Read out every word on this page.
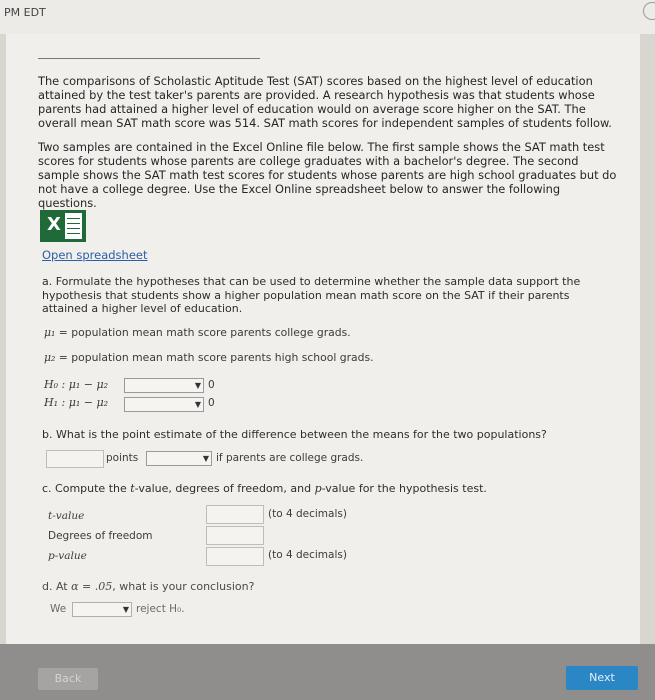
PM EDT
The comparisons of Scholastic Aptitude Test (SAT) scores based on the highest level of education attained by the test taker's parents are provided. A research hypothesis was that students whose parents had attained a higher level of education would on average score higher on the SAT. The overall mean SAT math score was 514. SAT math scores for independent samples of students follow.
Two samples are contained in the Excel Online file below. The first sample shows the SAT math test scores for students whose parents are college graduates with a bachelor's degree. The second sample shows the SAT math test scores for students whose parents are high school graduates but do not have a college degree. Use the Excel Online spreadsheet below to answer the following questions.
X
Open spreadsheet
a. Formulate the hypotheses that can be used to determine whether the sample data support the hypothesis that students show a higher population mean math score on the SAT if their parents attained a higher level of education.
μ₁ = population mean math score parents college grads.
μ₂ = population mean math score parents high school grads.
H₀ : μ₁ − μ₂	▼ 0
H₁ : μ₁ − μ₂	▼ 0
b. What is the point estimate of the difference between the means for the two populations?
points	▼ if parents are college grads.
c. Compute the t-value, degrees of freedom, and p-value for the hypothesis test.
t-value	(to 4 decimals)
Degrees of freedom
p-value	(to 4 decimals)
d. At α = .05, what is your conclusion?
We	▼ reject H₀.
Back	Next
